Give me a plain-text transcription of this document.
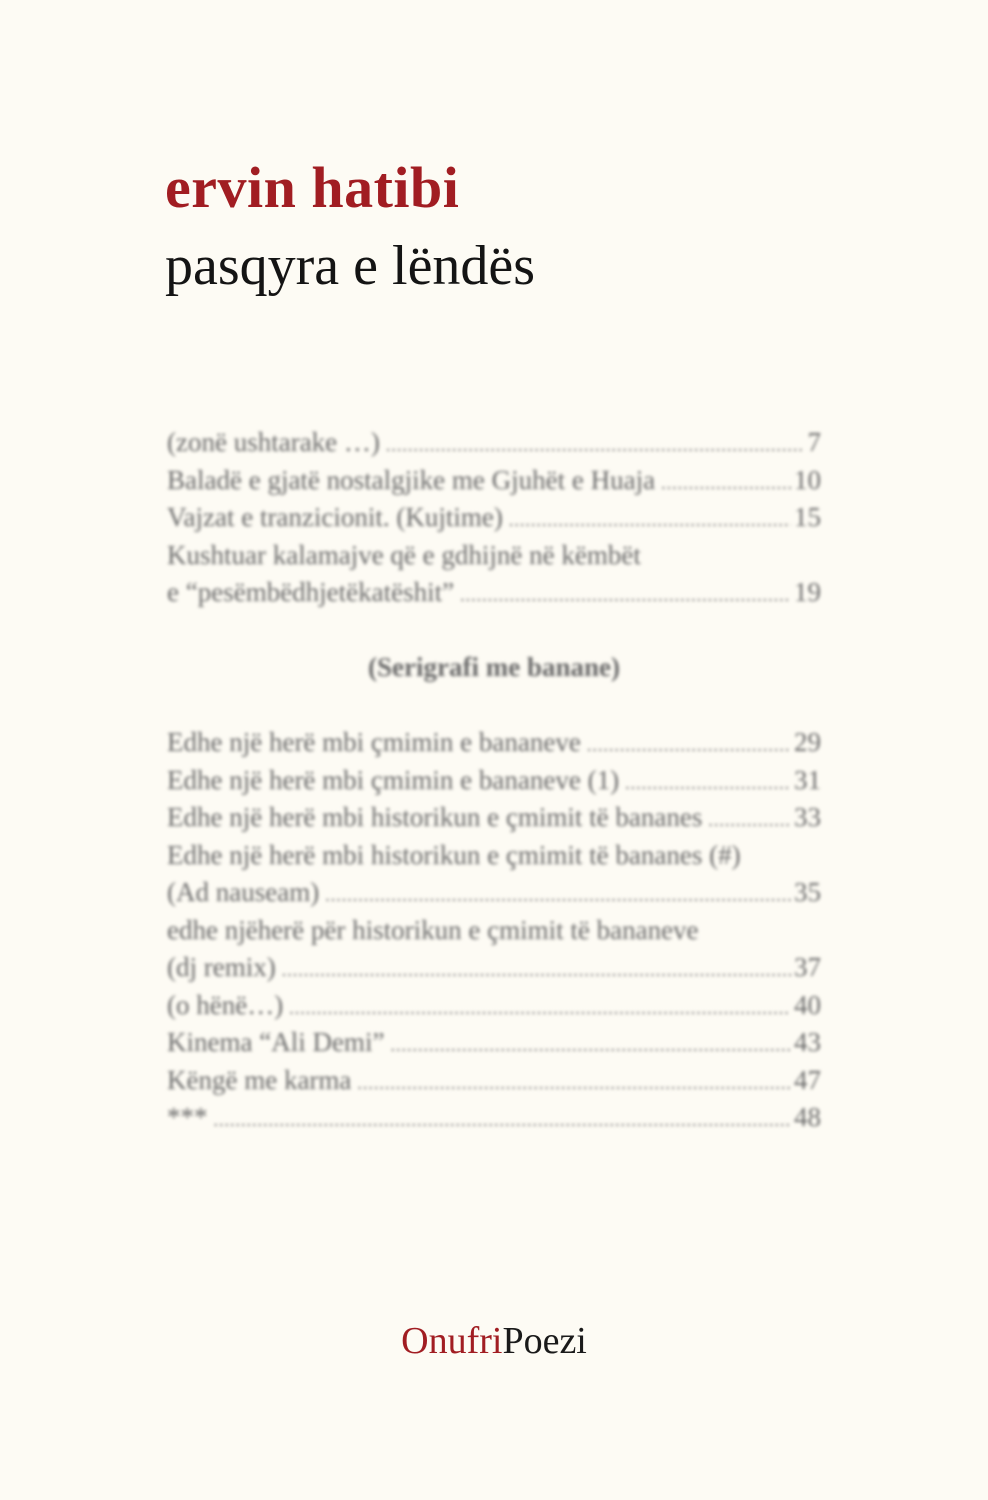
ervin hatibi
pasqyra e lëndës
(zonë ushtarake …) .....	7
Baladë e gjatë nostalgjike me Gjuhët e Huaja .....	10
Vajzat e tranzicionit. (Kujtime) .....	15
Kushtuar kalamajve që e gdhijnë në këmbët
e “pesëmbëdhjetëkatëshit” .....	19
(Serigrafi me banane)
Edhe një herë mbi çmimin e bananeve .....	29
Edhe një herë mbi çmimin e bananeve (1) .....	31
Edhe një herë mbi historikun e çmimit të bananes .....	33
Edhe një herë mbi historikun e çmimit të bananes (#)
(Ad nauseam) .....	35
edhe njëherë për historikun e çmimit të bananeve
(dj remix) .....	37
(o hënë…) .....	40
Kinema “Ali Demi” .....	43
Këngë me karma .....	47
*** .....	48
OnufriPoezi
